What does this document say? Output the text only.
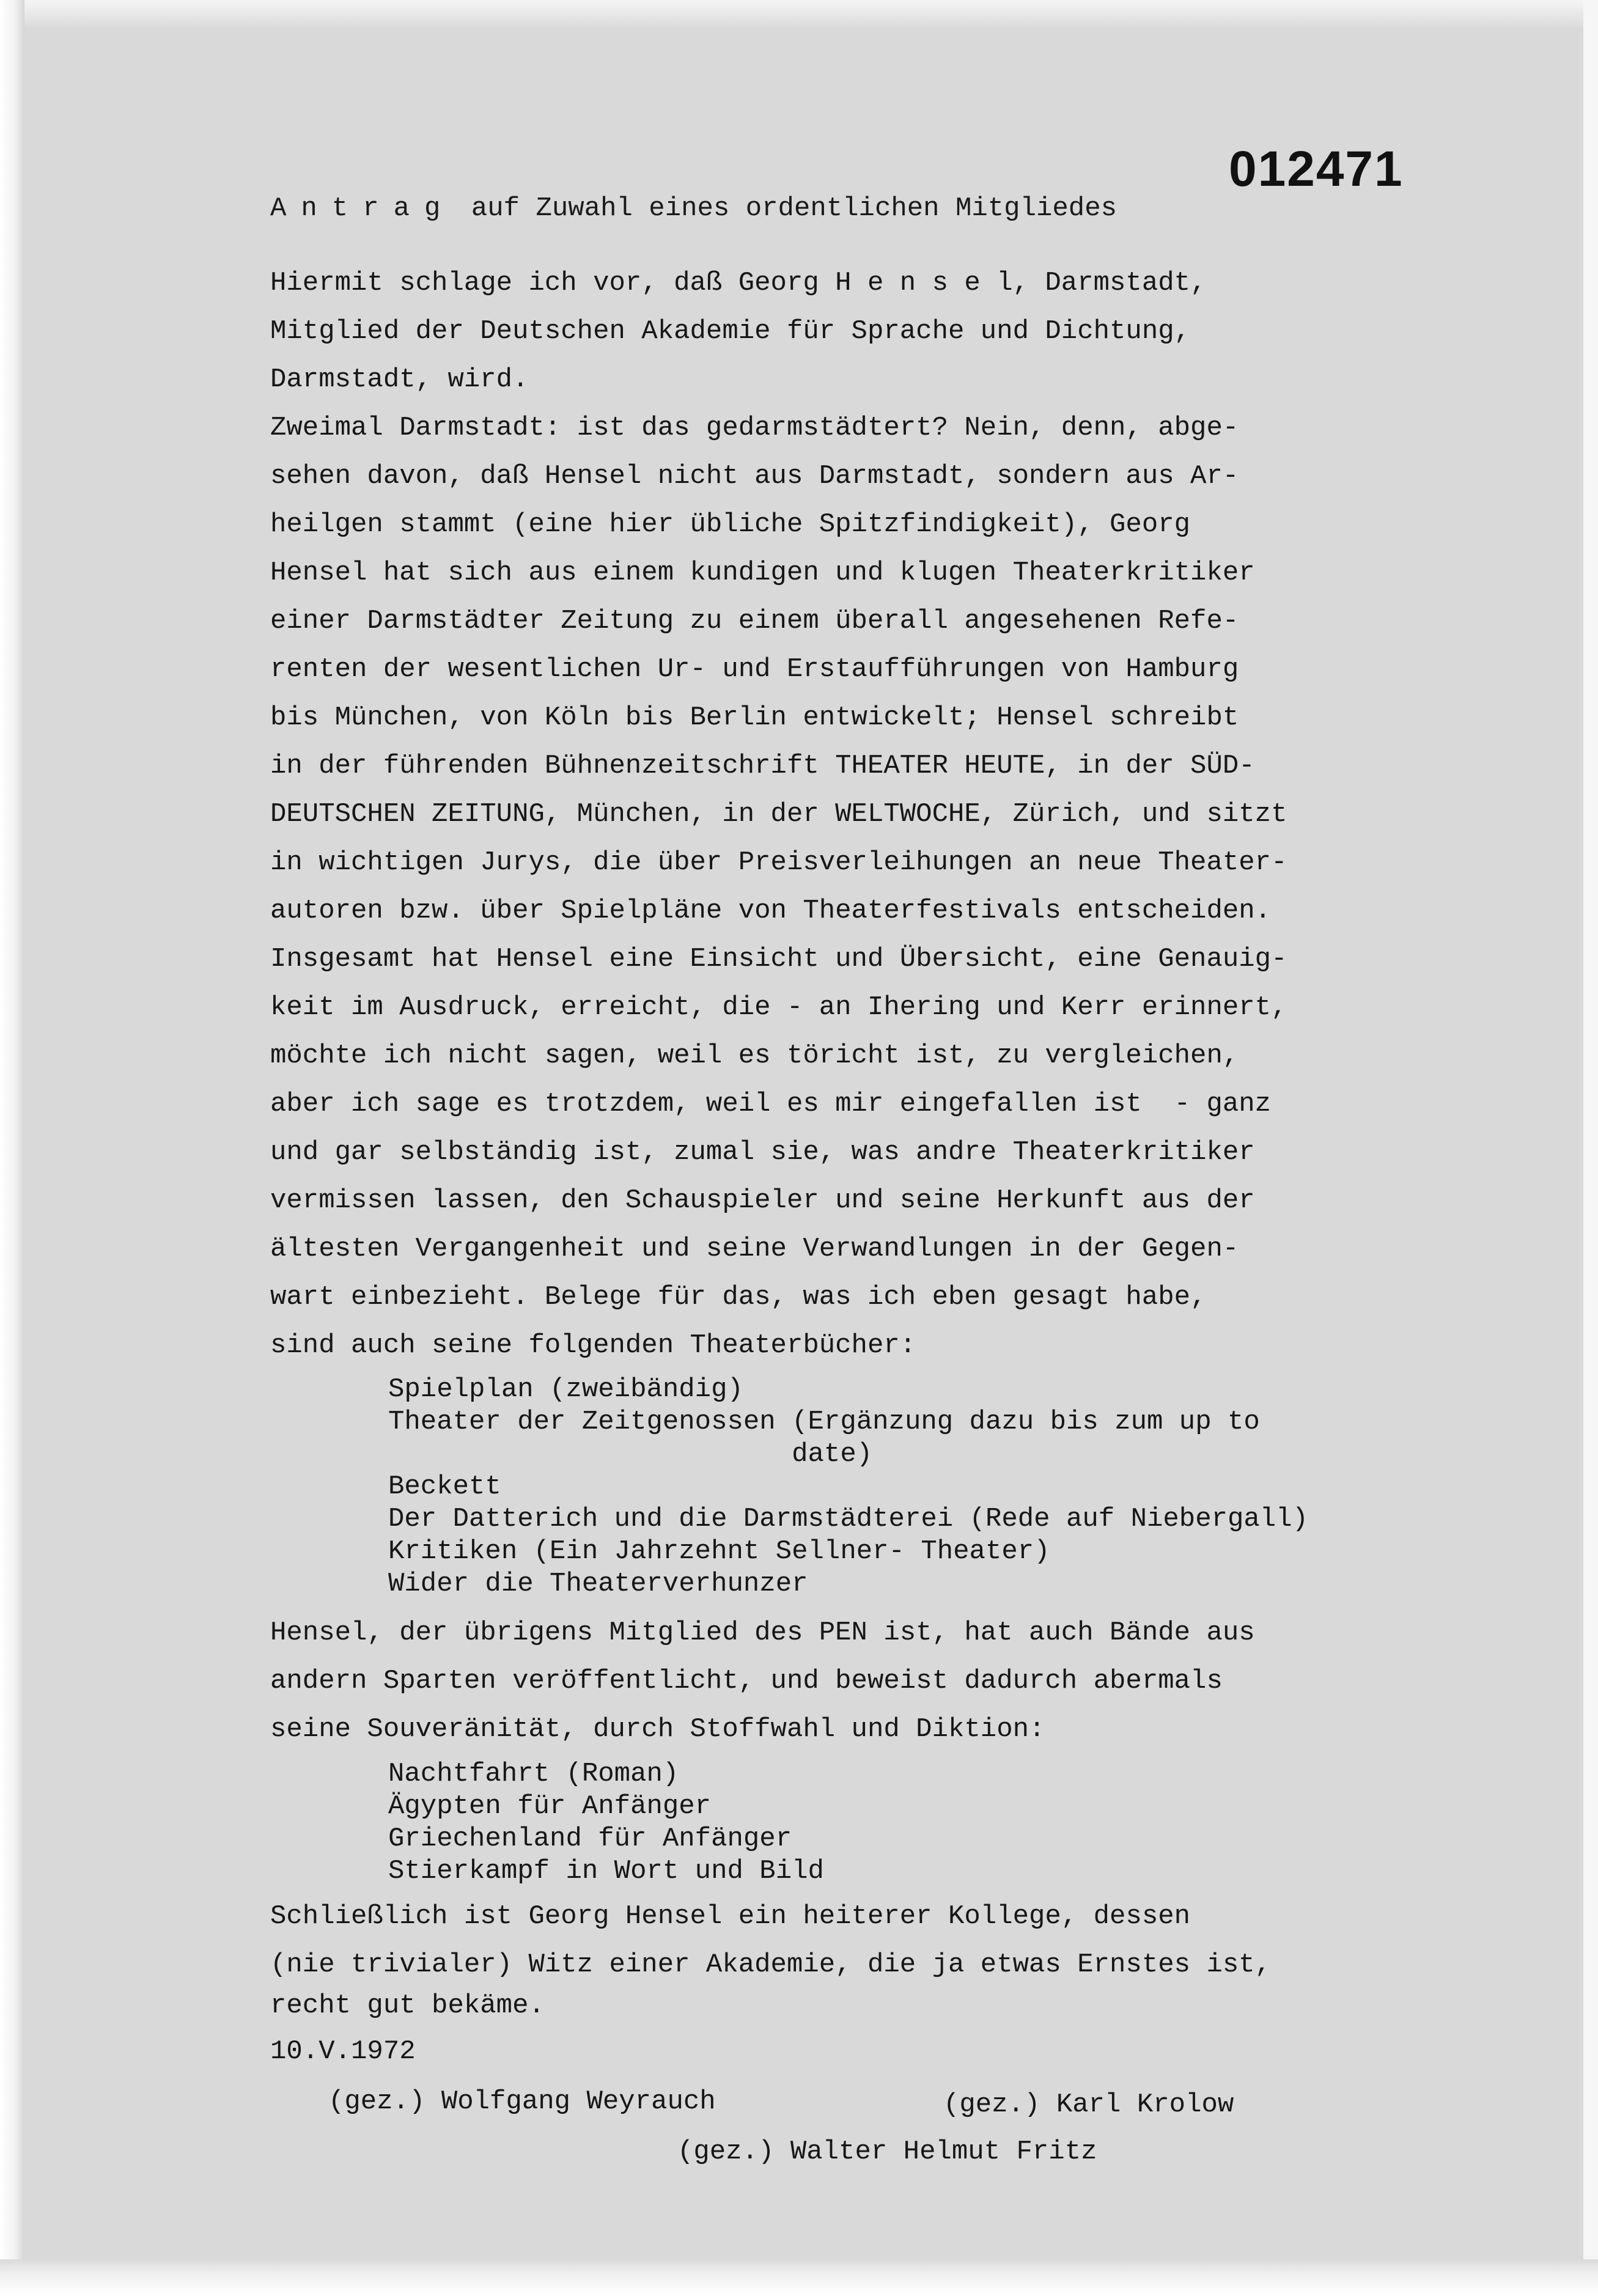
012471
Antrag auf Zuwahl eines ordentlichen Mitgliedes
Hiermit schlage ich vor, daß Georg H e n s e l, Darmstadt,
Mitglied der Deutschen Akademie für Sprache und Dichtung,
Darmstadt, wird.
Zweimal Darmstadt: ist das gedarmstädtert? Nein, denn, abge-
sehen davon, daß Hensel nicht aus Darmstadt, sondern aus Ar-
heilgen stammt (eine hier übliche Spitzfindigkeit), Georg
Hensel hat sich aus einem kundigen und klugen Theaterkritiker
einer Darmstädter Zeitung zu einem überall angesehenen Refe-
renten der wesentlichen Ur- und Erstaufführungen von Hamburg
bis München, von Köln bis Berlin entwickelt; Hensel schreibt
in der führenden Bühnenzeitschrift THEATER HEUTE, in der SÜD-
DEUTSCHEN ZEITUNG, München, in der WELTWOCHE, Zürich, und sitzt
in wichtigen Jurys, die über Preisverleihungen an neue Theater-
autoren bzw. über Spielpläne von Theaterfestivals entscheiden.
Insgesamt hat Hensel eine Einsicht und Übersicht, eine Genauig-
keit im Ausdruck, erreicht, die - an Ihering und Kerr erinnert,
möchte ich nicht sagen, weil es töricht ist, zu vergleichen,
aber ich sage es trotzdem, weil es mir eingefallen ist  - ganz
und gar selbständig ist, zumal sie, was andre Theaterkritiker
vermissen lassen, den Schauspieler und seine Herkunft aus der
ältesten Vergangenheit und seine Verwandlungen in der Gegen-
wart einbezieht. Belege für das, was ich eben gesagt habe,
sind auch seine folgenden Theaterbücher:
Spielplan (zweibändig)
Theater der Zeitgenossen (Ergänzung dazu bis zum up to
date)
Beckett
Der Datterich und die Darmstädterei (Rede auf Niebergall)
Kritiken (Ein Jahrzehnt Sellner- Theater)
Wider die Theaterverhunzer
Hensel, der übrigens Mitglied des PEN ist, hat auch Bände aus
andern Sparten veröffentlicht, und beweist dadurch abermals
seine Souveränität, durch Stoffwahl und Diktion:
Nachtfahrt (Roman)
Ägypten für Anfänger
Griechenland für Anfänger
Stierkampf in Wort und Bild
Schließlich ist Georg Hensel ein heiterer Kollege, dessen
(nie trivialer) Witz einer Akademie, die ja etwas Ernstes ist,
recht gut bekäme.
10.V.1972
(gez.) Wolfgang Weyrauch	(gez.) Karl Krolow
(gez.) Walter Helmut Fritz
